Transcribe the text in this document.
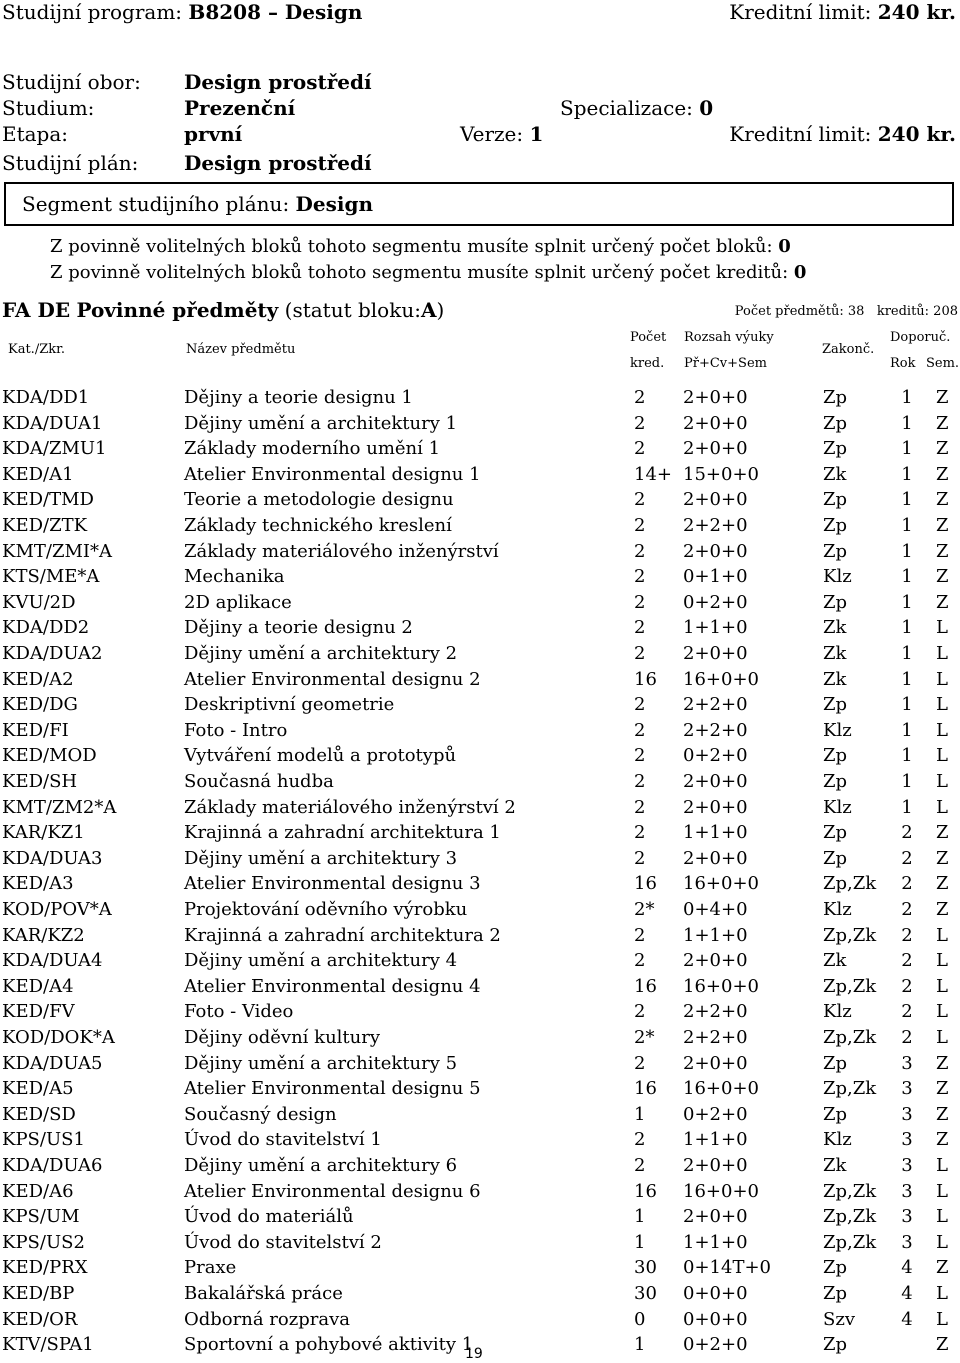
Studijní program: B8208 – Design	Kreditní limit: 240 kr.
Studijní obor: Design prostředí
Studium:	Prezenční	Specializace: 0
Etapa:	první	Verze: 1	Kreditní limit: 240 kr.
Studijní plán: Design prostředí
Segment studijního plánu: Design
Z povinně volitelných bloků tohoto segmentu musíte splnit určený počet bloků: 0
Z povinně volitelných bloků tohoto segmentu musíte splnit určený počet kreditů: 0
FA DE Povinné předměty (statut bloku:A)	Počet předmětů: 38 kreditů: 208
Kat./Zkr.	Název předmětu
Počet
kred.
Rozsah výuky
Př+Cv+Sem
Zakonč.
Doporuč.
Rok Sem.
KDA/DD1	Dějiny a teorie designu 1	2 2+0+0	Zp	1 Z
KDA/DUA1	Dějiny umění a architektury 1	2 2+0+0	Zp	1 Z
KDA/ZMU1	Základy moderního umění 1	2 2+0+0	Zp	1 Z
KED/A1	Atelier Environmental designu 1	14+ 15+0+0	Zk	1 Z
KED/TMD	Teorie a metodologie designu	2 2+0+0	Zp	1 Z
KED/ZTK	Základy technického kreslení	2 2+2+0	Zp	1 Z
KMT/ZMI*A	Základy materiálového inženýrství	2 2+0+0	Zp	1 Z
KTS/ME*A	Mechanika	2 0+1+0	Klz	1 Z
KVU/2D	2D aplikace	2 0+2+0	Zp	1 Z
KDA/DD2	Dějiny a teorie designu 2	2 1+1+0	Zk	1 L
KDA/DUA2	Dějiny umění a architektury 2	2 2+0+0	Zk	1 L
KED/A2	Atelier Environmental designu 2	16 16+0+0	Zk	1 L
KED/DG	Deskriptivní geometrie	2 2+2+0	Zp	1 L
KED/FI	Foto - Intro	2 2+2+0	Klz	1 L
KED/MOD	Vytváření modelů a prototypů	2 0+2+0	Zp	1 L
KED/SH	Současná hudba	2 2+0+0	Zp	1 L
KMT/ZM2*A	Základy materiálového inženýrství 2	2 2+0+0	Klz	1 L
KAR/KZ1	Krajinná a zahradní architektura 1	2 1+1+0	Zp	2 Z
KDA/DUA3	Dějiny umění a architektury 3	2 2+0+0	Zp	2 Z
KED/A3	Atelier Environmental designu 3	16 16+0+0	Zp,Zk 2 Z
KOD/POV*A	Projektování oděvního výrobku	2* 0+4+0	Klz	2 Z
KAR/KZ2	Krajinná a zahradní architektura 2	2 1+1+0	Zp,Zk 2 L
KDA/DUA4	Dějiny umění a architektury 4	2 2+0+0	Zk	2 L
KED/A4	Atelier Environmental designu 4	16 16+0+0	Zp,Zk 2 L
KED/FV	Foto - Video	2 2+2+0	Klz	2 L
KOD/DOK*A	Dějiny oděvní kultury	2* 2+2+0	Zp,Zk 2 L
KDA/DUA5	Dějiny umění a architektury 5	2 2+0+0	Zp	3 Z
KED/A5	Atelier Environmental designu 5	16 16+0+0	Zp,Zk 3 Z
KED/SD	Současný design	1 0+2+0	Zp	3 Z
KPS/US1	Úvod do stavitelství 1	2 1+1+0	Klz	3 Z
KDA/DUA6	Dějiny umění a architektury 6	2 2+0+0	Zk	3 L
KED/A6	Atelier Environmental designu 6	16 16+0+0	Zp,Zk 3 L
KPS/UM	Úvod do materiálů	1 2+0+0	Zp,Zk 3 L
KPS/US2	Úvod do stavitelství 2	1 1+1+0	Zp,Zk 3 L
KED/PRX	Praxe	30 0+14T+0	Zp	4 Z
KED/BP	Bakalářská práce	30 0+0+0	Zp	4 L
KED/OR	Odborná rozprava	0 0+0+0	Szv	4 L
KTV/SPA1	Sportovní a pohybové aktivity 1	1 0+2+0	Zp	Z
19
